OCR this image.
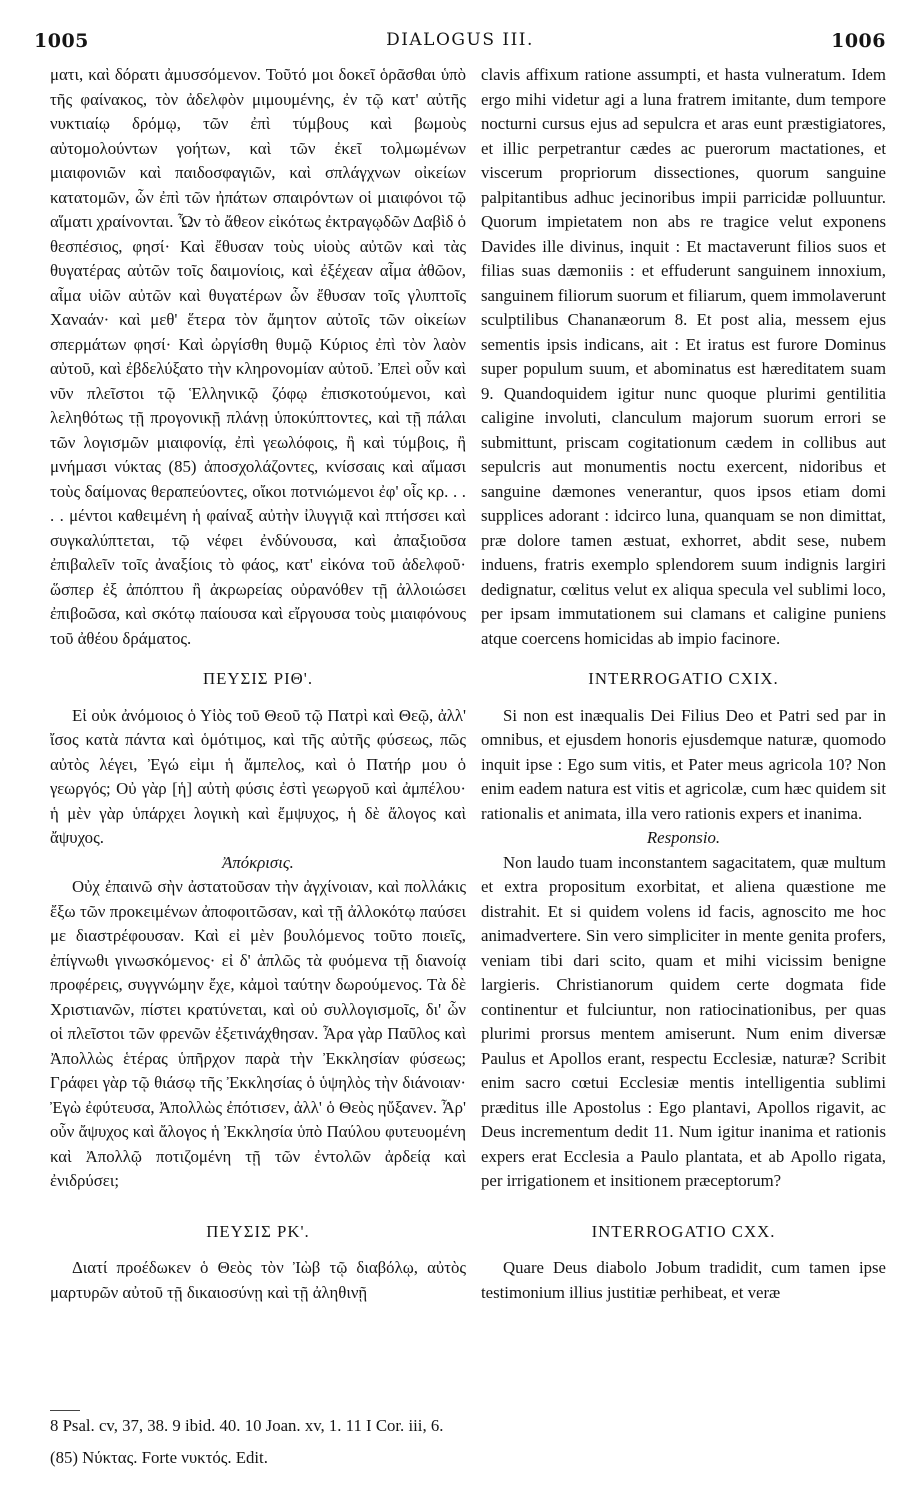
1005	DIALOGUS III.	1006

ματι, καὶ δόρατι ἀμυσσόμενον. Τοῦτό μοι δοκεῖ ὁρᾶσθαι ὑπὸ τῆς φαίνακος, τὸν ἀδελφὸν μιμουμένης, ἐν τῷ κατ' αὐτῆς νυκτιαίῳ δρόμῳ, τῶν ἐπὶ τύμβους καὶ βωμοὺς αὐτομολούντων γοήτων, καὶ τῶν ἐκεῖ τολμωμένων μιαιφονιῶν καὶ παιδοσφαγιῶν, καὶ σπλάγχνων οἰκείων κατατομῶν, ὧν ἐπὶ τῶν ἠπάτων σπαιρόντων οἱ μιαιφόνοι τῷ αἵματι χραίνονται. Ὧν τὸ ἄθεον εἰκότως ἐκτραγῳδῶν Δαβὶδ ὁ θεσπέσιος, φησί· Καὶ ἔθυσαν τοὺς υἱοὺς αὐτῶν καὶ τὰς θυγατέρας αὐτῶν τοῖς δαιμονίοις, καὶ ἐξέχεαν αἷμα ἀθῶον, αἷμα υἱῶν αὐτῶν καὶ θυγατέρων ὧν ἔθυσαν τοῖς γλυπτοῖς Χαναάν· καὶ μεθ' ἕτερα τὸν ἄμητον αὐτοῖς τῶν οἰκείων σπερμάτων φησί· Καὶ ὠργίσθη θυμῷ Κύριος ἐπὶ τὸν λαὸν αὐτοῦ, καὶ ἐβδελύξατο τὴν κληρονομίαν αὐτοῦ. Ἐπεὶ οὖν καὶ νῦν πλεῖστοι τῷ Ἑλληνικῷ ζόφῳ ἐπισκοτούμενοι, καὶ λεληθότως τῇ προγονικῇ πλάνῃ ὑποκύπτοντες, καὶ τῇ πάλαι τῶν λογισμῶν μιαιφονίᾳ, ἐπὶ γεωλόφοις, ἢ καὶ τύμβοις, ἢ μνήμασι νύκτας (85) ἀποσχολάζοντες, κνίσσαις καὶ αἵμασι τοὺς δαίμονας θεραπεύοντες, οἴκοι ποτνιώμενοι ἐφ' οἷς κρ. . . . . μέντοι καθειμένη ἡ φαίναξ αὐτὴν ἰλυγγιᾷ καὶ πτήσσει καὶ συγκαλύπτεται, τῷ νέφει ἐνδύνουσα, καὶ ἀπαξιοῦσα ἐπιβαλεῖν τοῖς ἀναξίοις τὸ φάος, κατ' εἰκόνα τοῦ ἀδελφοῦ· ὥσπερ ἐξ ἀπόπτου ἢ ἀκρωρείας οὐρανόθεν τῇ ἀλλοιώσει ἐπιβοῶσα, καὶ σκότῳ παίουσα καὶ εἴργουσα τοὺς μιαιφόνους τοῦ ἀθέου δράματος.

ΠΕΥΣΙΣ ΡΙΘ'.

Εἰ οὐκ ἀνόμοιος ὁ Υἱὸς τοῦ Θεοῦ τῷ Πατρὶ καὶ Θεῷ, ἀλλ' ἴσος κατὰ πάντα καὶ ὁμότιμος, καὶ τῆς αὐτῆς φύσεως, πῶς αὐτὸς λέγει, Ἐγώ εἰμι ἡ ἄμπελος, καὶ ὁ Πατήρ μου ὁ γεωργός; Οὐ γὰρ [ἡ] αὐτὴ φύσις ἐστὶ γεωργοῦ καὶ ἀμπέλου· ἡ μὲν γὰρ ὑπάρχει λογικὴ καὶ ἔμψυχος, ἡ δὲ ἄλογος καὶ ἄψυχος.

Ἀπόκρισις.

Οὐχ ἐπαινῶ σὴν ἀστατοῦσαν τὴν ἀγχίνοιαν, καὶ πολλάκις ἔξω τῶν προκειμένων ἀποφοιτῶσαν, καὶ τῇ ἀλλοκότῳ παύσει με διαστρέφουσαν. Καὶ εἰ μὲν βουλόμενος τοῦτο ποιεῖς, ἐπίγνωθι γινωσκόμενος· εἰ δ' ἁπλῶς τὰ φυόμενα τῇ διανοίᾳ προφέρεις, συγγνώμην ἔχε, κἀμοὶ ταύτην δωρούμενος. Τὰ δὲ Χριστιανῶν, πίστει κρατύνεται, καὶ οὐ συλλογισμοῖς, δι' ὧν οἱ πλεῖστοι τῶν φρενῶν ἐξετινάχθησαν. Ἆρα γὰρ Παῦλος καὶ Ἀπολλὼς ἑτέρας ὑπῆρχον παρὰ τὴν Ἐκκλησίαν φύσεως; Γράφει γὰρ τῷ θιάσῳ τῆς Ἐκκλησίας ὁ ὑψηλὸς τὴν διάνοιαν· Ἐγὼ ἐφύτευσα, Ἀπολλὼς ἐπότισεν, ἀλλ' ὁ Θεὸς ηὔξανεν. Ἆρ' οὖν ἄψυχος καὶ ἄλογος ἡ Ἐκκλησία ὑπὸ Παύλου φυτευομένη καὶ Ἀπολλῷ ποτιζομένη τῇ τῶν ἐντολῶν ἀρδείᾳ καὶ ἐνιδρύσει;

ΠΕΥΣΙΣ ΡΚ'.

Διατί προέδωκεν ὁ Θεὸς τὸν Ἰὼβ τῷ διαβόλῳ, αὐτὸς μαρτυρῶν αὐτοῦ τῇ δικαιοσύνῃ καὶ τῇ ἀληθινῇ

clavis affixum ratione assumpti, et hasta vulneratum. Idem ergo mihi videtur agi a luna fratrem imitante, dum tempore nocturni cursus ejus ad sepulcra et aras eunt præstigiatores, et illic perpetrantur cædes ac puerorum mactationes, et viscerum propriorum dissectiones, quorum sanguine palpitantibus adhuc jecinoribus impii parricidæ polluuntur. Quorum impietatem non abs re tragice velut exponens Davides ille divinus, inquit : Et mactaverunt filios suos et filias suas dæmoniis : et effuderunt sanguinem innoxium, sanguinem filiorum suorum et filiarum, quem immolaverunt sculptilibus Chananæorum 8. Et post alia, messem ejus sementis ipsis indicans, ait : Et iratus est furore Dominus super populum suum, et abominatus est hæreditatem suam 9. Quandoquidem igitur nunc quoque plurimi gentilitia caligine involuti, clanculum majorum suorum errori se submittunt, priscam cogitationum cædem in collibus aut sepulcris aut monumentis noctu exercent, nidoribus et sanguine dæmones venerantur, quos ipsos etiam domi supplices adorant : idcirco luna, quanquam se non dimittat, præ dolore tamen æstuat, exhorret, abdit sese, nubem induens, fratris exemplo splendorem suum indignis largiri dedignatur, cœlitus velut ex aliqua specula vel sublimi loco, per ipsam immutationem sui clamans et caligine puniens atque coercens homicidas ab impio facinore.

INTERROGATIO CXIX.

Si non est inæqualis Dei Filius Deo et Patri sed par in omnibus, et ejusdem honoris ejusdemque naturæ, quomodo inquit ipse : Ego sum vitis, et Pater meus agricola 10? Non enim eadem natura est vitis et agricolæ, cum hæc quidem sit rationalis et animata, illa vero rationis expers et inanima.

Responsio.

Non laudo tuam inconstantem sagacitatem, quæ multum et extra propositum exorbitat, et aliena quæstione me distrahit. Et si quidem volens id facis, agnoscito me hoc animadvertere. Sin vero simpliciter in mente genita profers, veniam tibi dari scito, quam et mihi vicissim benigne largieris. Christianorum quidem certe dogmata fide continentur et fulciuntur, non ratiocinationibus, per quas plurimi prorsus mentem amiserunt. Num enim diversæ Paulus et Apollos erant, respectu Ecclesiæ, naturæ? Scribit enim sacro cœtui Ecclesiæ mentis intelligentia sublimi præditus ille Apostolus : Ego plantavi, Apollos rigavit, ac Deus incrementum dedit 11. Num igitur inanima et rationis expers erat Ecclesia a Paulo plantata, et ab Apollo rigata, per irrigationem et insitionem præceptorum?

INTERROGATIO CXX.

Quare Deus diabolo Jobum tradidit, cum tamen ipse testimonium illius justitiæ perhibeat, et veræ

8 Psal. cv, 37, 38. 9 ibid. 40. 10 Joan. xv, 1. 11 I Cor. iii, 6.
(85) Νύκτας. Forte νυκτός. Edit.
